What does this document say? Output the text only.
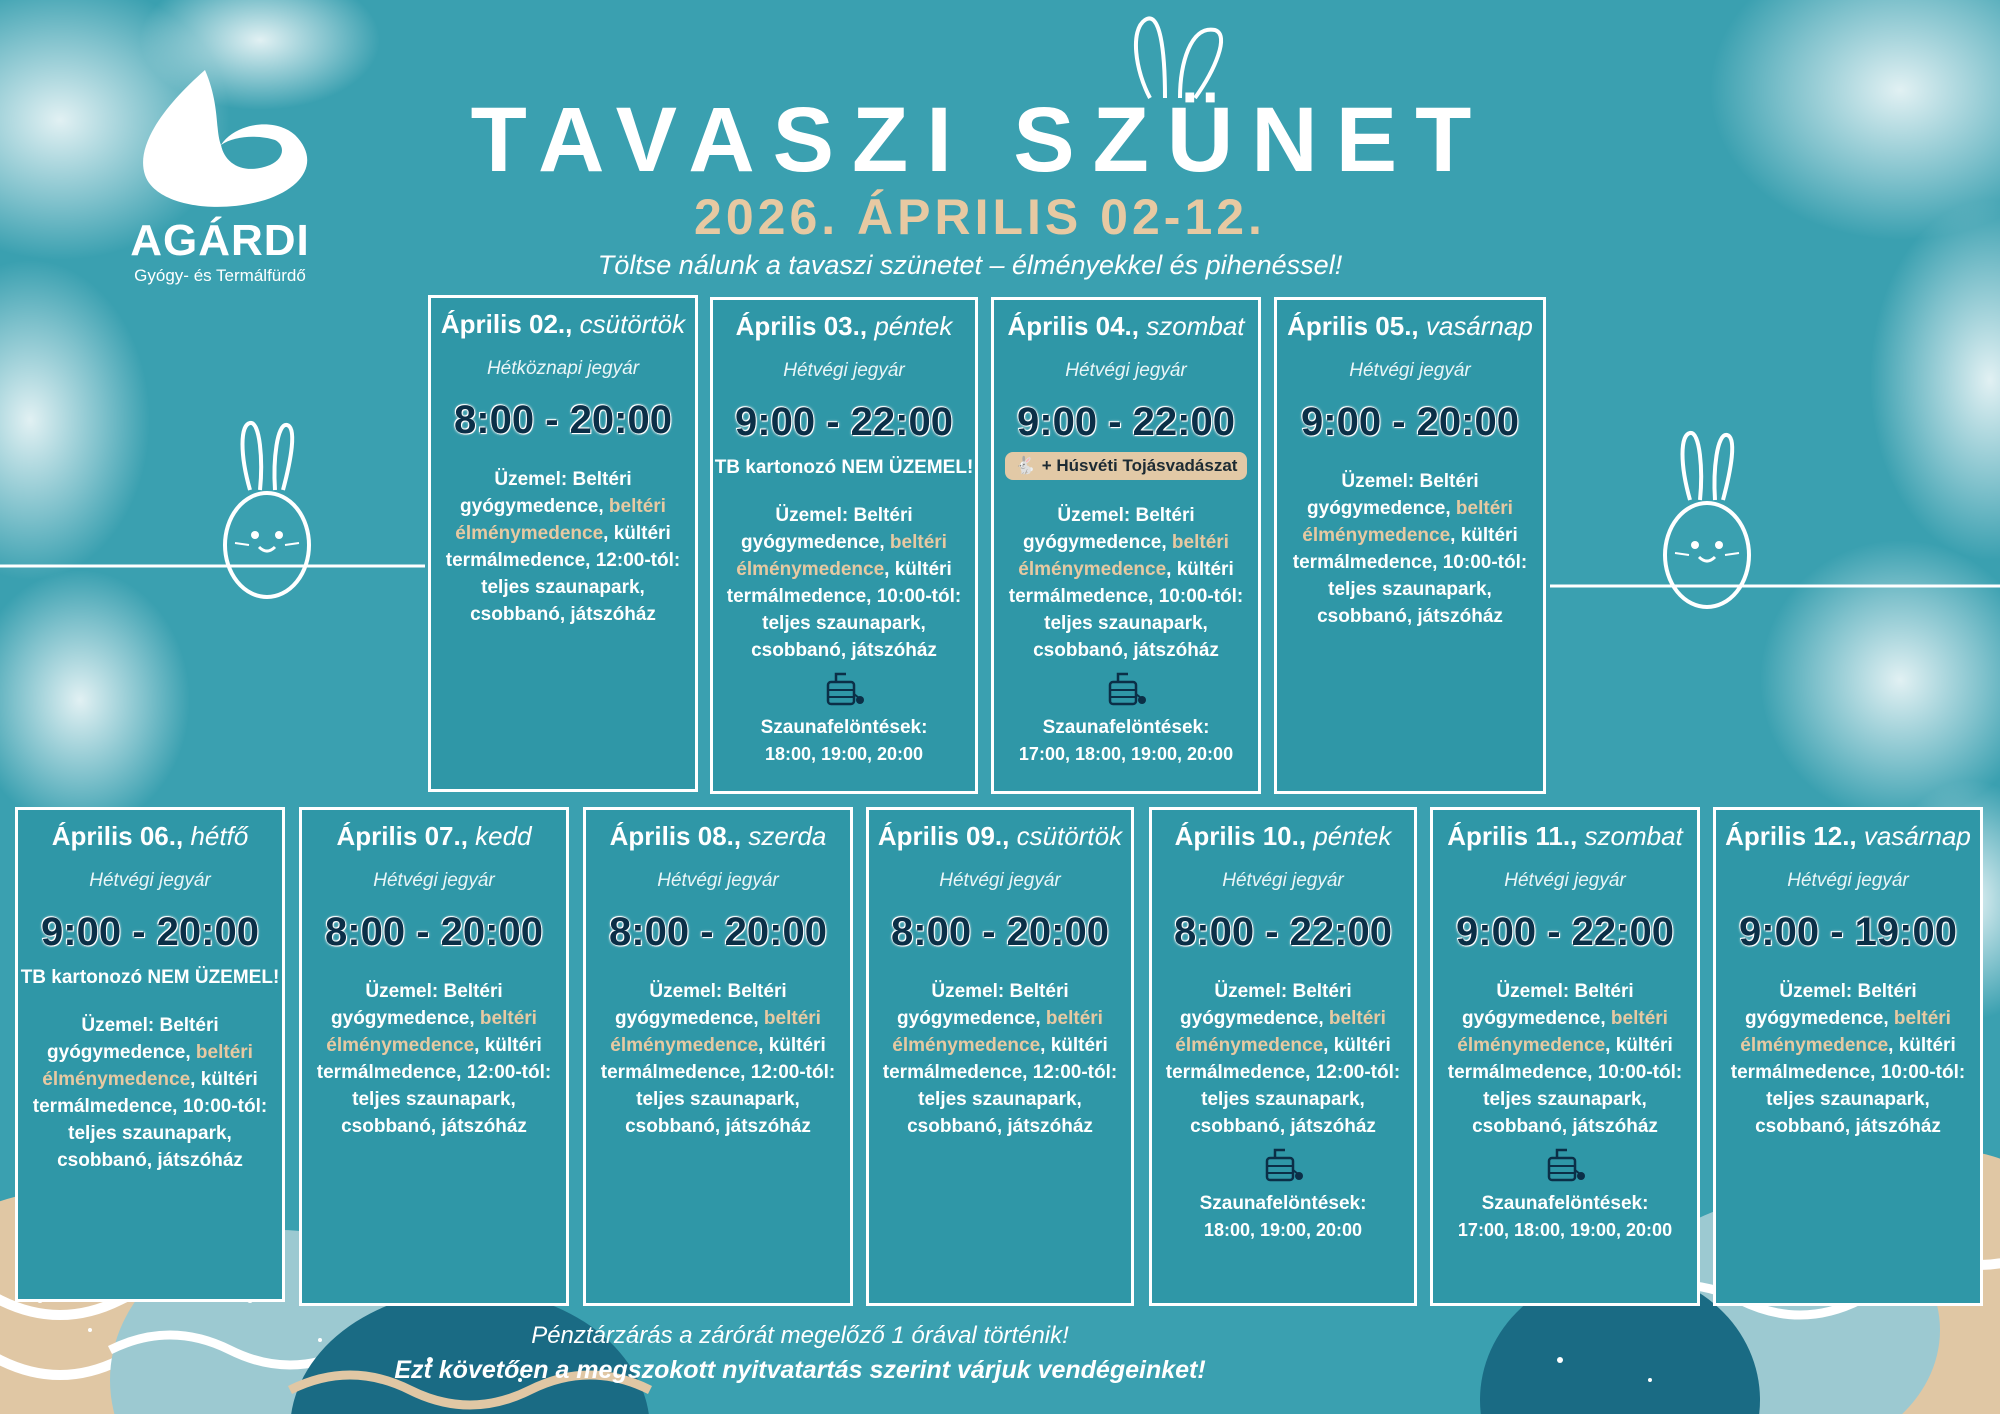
AGÁRDI
Gyógy- és Termálfürdő
TAVASZI SZÜNET
2026. ÁPRILIS 02-12.
Töltse nálunk a tavaszi szünetet – élményekkel és pihenéssel!
Április 02., csütörtök
Hétköznapi jegyár
8:00 - 20:00
Üzemel: Beltéri gyógymedence, beltéri élménymedence, kültéri termálmedence, 12:00-tól: teljes szaunapark, csobbanó, játszóház
Április 03., péntek
Hétvégi jegyár
9:00 - 22:00
TB kartonozó NEM ÜZEMEL!
Üzemel: Beltéri gyógymedence, beltéri élménymedence, kültéri termálmedence, 10:00-tól: teljes szaunapark, csobbanó, játszóház
Szaunafelöntések:
18:00, 19:00, 20:00
Április 04., szombat
Hétvégi jegyár
9:00 - 22:00
🐇 + Húsvéti Tojásvadászat
Üzemel: Beltéri gyógymedence, beltéri élménymedence, kültéri termálmedence, 10:00-tól: teljes szaunapark, csobbanó, játszóház
Szaunafelöntések:
17:00, 18:00, 19:00, 20:00
Április 05., vasárnap
Hétvégi jegyár
9:00 - 20:00
Üzemel: Beltéri gyógymedence, beltéri élménymedence, kültéri termálmedence, 10:00-tól: teljes szaunapark, csobbanó, játszóház
Április 06., hétfő
Hétvégi jegyár
9:00 - 20:00
TB kartonozó NEM ÜZEMEL!
Üzemel: Beltéri gyógymedence, beltéri élménymedence, kültéri termálmedence, 10:00-tól: teljes szaunapark, csobbanó, játszóház
Április 07., kedd
Hétvégi jegyár
8:00 - 20:00
Üzemel: Beltéri gyógymedence, beltéri élménymedence, kültéri termálmedence, 12:00-tól: teljes szaunapark, csobbanó, játszóház
Április 08., szerda
Hétvégi jegyár
8:00 - 20:00
Üzemel: Beltéri gyógymedence, beltéri élménymedence, kültéri termálmedence, 12:00-tól: teljes szaunapark, csobbanó, játszóház
Április 09., csütörtök
Hétvégi jegyár
8:00 - 20:00
Üzemel: Beltéri gyógymedence, beltéri élménymedence, kültéri termálmedence, 12:00-tól: teljes szaunapark, csobbanó, játszóház
Április 10., péntek
Hétvégi jegyár
8:00 - 22:00
Üzemel: Beltéri gyógymedence, beltéri élménymedence, kültéri termálmedence, 12:00-tól: teljes szaunapark, csobbanó, játszóház
Szaunafelöntések:
18:00, 19:00, 20:00
Április 11., szombat
Hétvégi jegyár
9:00 - 22:00
Üzemel: Beltéri gyógymedence, beltéri élménymedence, kültéri termálmedence, 10:00-tól: teljes szaunapark, csobbanó, játszóház
Szaunafelöntések:
17:00, 18:00, 19:00, 20:00
Április 12., vasárnap
Hétvégi jegyár
9:00 - 19:00
Üzemel: Beltéri gyógymedence, beltéri élménymedence, kültéri termálmedence, 10:00-tól: teljes szaunapark, csobbanó, játszóház
Pénztárzárás a zárórát megelőző 1 órával történik!
Ezt követően a megszokott nyitvatartás szerint várjuk vendégeinket!
